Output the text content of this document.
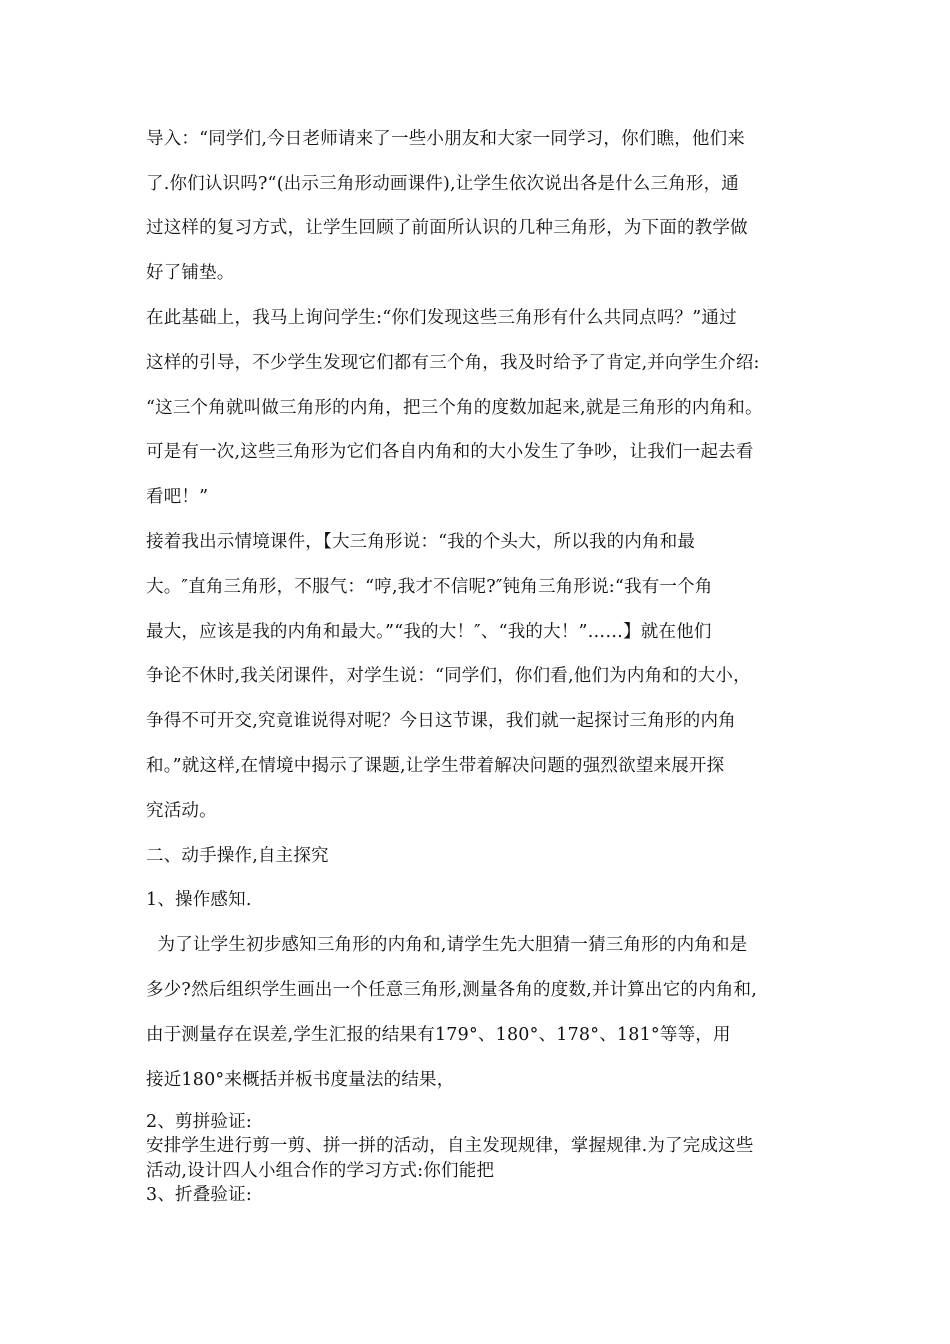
导入：“同学们,今日老师请来了一些小朋友和大家一同学习，你们瞧，他们来
了.你们认识吗?“(出示三角形动画课件),让学生依次说出各是什么三角形，通
过这样的复习方式，让学生回顾了前面所认识的几种三角形，为下面的教学做
好了铺垫。
在此基础上，我马上询问学生:“你们发现这些三角形有什么共同点吗？”通过
这样的引导，不少学生发现它们都有三个角，我及时给予了肯定,并向学生介绍:
“这三个角就叫做三角形的内角，把三个角的度数加起来,就是三角形的内角和。
可是有一次,这些三角形为它们各自内角和的大小发生了争吵，让我们一起去看
看吧！”
接着我出示情境课件，【大三角形说：“我的个头大，所以我的内角和最
大。″直角三角形，不服气：“哼,我才不信呢?″钝角三角形说:“我有一个角
最大，应该是我的内角和最大。”“我的大！″、“我的大！”……】就在他们
争论不休时,我关闭课件，对学生说：“同学们，你们看,他们为内角和的大小，
争得不可开交,究竟谁说得对呢？今日这节课，我们就一起探讨三角形的内角
和。”就这样,在情境中揭示了课题,让学生带着解决问题的强烈欲望来展开探
究活动。
二、动手操作,自主探究
1、操作感知.
为了让学生初步感知三角形的内角和,请学生先大胆猜一猜三角形的内角和是
多少?然后组织学生画出一个任意三角形,测量各角的度数,并计算出它的内角和,
由于测量存在误差,学生汇报的结果有179°、180°、178°、181°等等，用
接近180°来概括并板书度量法的结果，
2、剪拼验证:
安排学生进行剪一剪、拼一拼的活动，自主发现规律，掌握规律.为了完成这些
活动,设计四人小组合作的学习方式:你们能把
3、折叠验证:
